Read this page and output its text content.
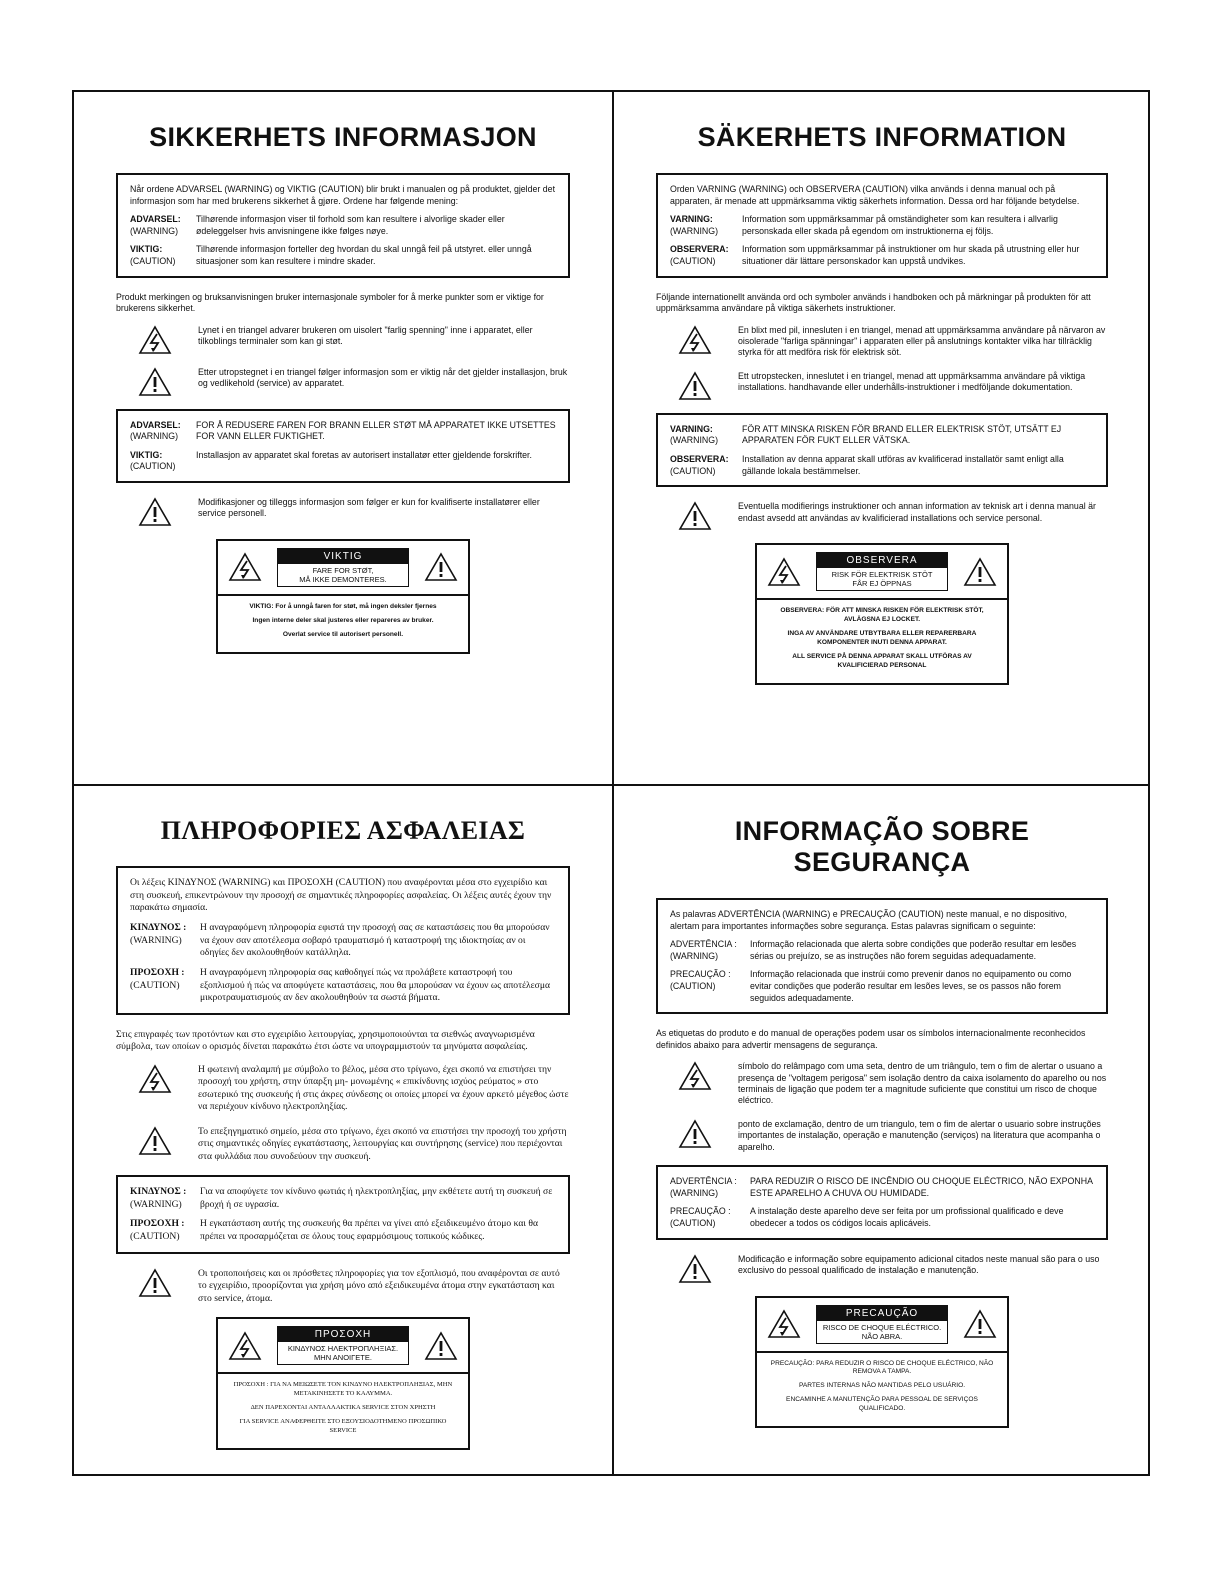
SIKKERHETS INFORMASJON

Når ordene ADVARSEL (WARNING) og VIKTIG (CAUTION) blir brukt i manualen og på produktet, gjelder det informasjon som har med brukerens sikkerhet å gjøre. Ordene har følgende mening:

ADVARSEL:
(WARNING)
Tilhørende informasjon viser til forhold som kan resultere i alvorlige skader eller ødeleggelser hvis anvisningene ikke følges nøye.
VIKTIG:
(CAUTION)
Tilhørende informasjon forteller deg hvordan du skal unngå feil på utstyret. eller unngå situasjoner som kan resultere i mindre skader.
Produkt merkingen og bruksanvisningen bruker internasjonale symboler for å merke punkter som er viktige for brukerens sikkerhet.
Lynet i en triangel advarer brukeren om uisolert "farlig spenning" inne i apparatet, eller tilkoblings terminaler som kan gi støt.
Etter utropstegnet i en triangel følger informasjon som er viktig når det gjelder installasjon, bruk og vedlikehold (service) av apparatet.
ADVARSEL:
(WARNING)
FOR Å REDUSERE FAREN FOR BRANN ELLER STØT MÅ APPARATET IKKE UTSETTES FOR VANN ELLER FUKTIGHET.
VIKTIG:
(CAUTION)
Installasjon av apparatet skal foretas av autorisert installatør etter gjeldende forskrifter.
Modifikasjoner og tilleggs informasjon som følger er kun for kvalifiserte installatører eller service personell.
VIKTIG
FARE FOR STØT,
MÅ IKKE DEMONTERES.

VIKTIG: For å unngå faren for støt, må ingen deksler fjernes

Ingen interne deler skal justeres eller repareres av bruker.

Overlat service til autorisert personell.

SÄKERHETS INFORMATION

Orden VARNING (WARNING) och OBSERVERA (CAUTION) vilka används i denna manual och på apparaten, är menade att uppmärksamma viktig säkerhets information. Dessa ord har följande betydelse.

VARNING:
(WARNING)
Information som uppmärksammar på omständigheter som kan resultera i allvarlig personskada eller skada på egendom om instruktionerna ej följs.
OBSERVERA:
(CAUTION)
Information som uppmärksammar på instruktioner om hur skada på utrustning eller hur situationer där lättare personskador kan uppstå undvikes.
Följande internationellt använda ord och symboler används i handboken och på märkningar på produkten för att uppmärksamma användare på viktiga säkerhets instruktioner.
En blixt med pil, innesluten i en triangel, menad att uppmärksamma användare på närvaron av oisolerade "farliga spänningar" i apparaten eller på anslutnings kontakter vilka har tillräcklig styrka för att medföra risk för elektrisk söt.
Ett utropstecken, inneslutet i en triangel, menad att uppmärksamma användare på viktiga installations. handhavande eller underhålls-instruktioner i medföljande dokumentation.
VARNING:
(WARNING)
FÖR ATT MINSKA RISKEN FÖR BRAND ELLER ELEKTRISK STÖT, UTSÄTT EJ APPARATEN FÖR FUKT ELLER VÄTSKA.
OBSERVERA:
(CAUTION)
Installation av denna apparat skall utföras av kvalificerad installatör samt enligt alla gällande lokala bestämmelser.
Eventuella modifierings instruktioner och annan information av teknisk art i denna manual är endast avsedd att användas av kvalificierad installations och service personal.
OBSERVERA
RISK FÖR ELEKTRISK STÖT
FÅR EJ ÖPPNAS

OBSERVERA: FÖR ATT MINSKA RISKEN FÖR ELEKTRISK STÖT, AVLÄGSNA EJ LOCKET.

INGA AV ANVÄNDARE UTBYTBARA ELLER REPARERBARA KOMPONENTER INUTI DENNA APPARAT.

ALL SERVICE PÅ DENNA APPARAT SKALL UTFÖRAS AV KVALIFICIERAD PERSONAL

ΠΛΗΡΟΦΟΡΙΕΣ ΑΣΦΑΛΕΙΑΣ

Οι λέξεις ΚΙΝΔΥΝΟΣ (WARNING) και ΠΡΟΣΟΧΗ (CAUTION) που αναφέρονται μέσα στο εγχειρίδιο και στη συσκευή, επικεντρώνουν την προσοχή σε σημαντικές πληροφορίες ασφαλείας. Οι λέξεις αυτές έχουν την παρακάτω σημασία.

ΚΙΝΔΥΝΟΣ :
(WARNING)
Η αναγραφόμενη πληροφορία εφιστά την προσοχή σας σε καταστάσεις που θα μπορούσαν να έχουν σαν αποτέλεσμα σοβαρό τραυματισμό ή καταστροφή της ιδιοκτησίας αν οι οδηγίες δεν ακολουθηθούν κατάλληλα.
ΠΡΟΣΟΧΗ :
(CAUTION)
Η αναγραφόμενη πληροφορία σας καθοδηγεί πώς να προλάβετε καταστροφή του εξοπλισμού ή πώς να αποφύγετε καταστάσεις, που θα μπορούσαν να έχουν ως αποτέλεσμα μικροτραυματισμούς αν δεν ακολουθηθούν τα σωστά βήματα.
Στις επιγραφές των προτόντων και στο εγχειρίδιο λειτουργίας, χρησιμοποιούνται τα σιεθνώς αναγνωρισμένα σύμβολα, των οποίων ο ορισμός δίνεται παρακάτω έτσι ώστε να υπογραμμιστούν τα μηνύματα ασφαλείας.
Η φωτεινή αναλαμπή με σύμβολο το βέλος, μέσα στο τρίγωνο, έχει σκοπό να επιστήσει την προσοχή του χρήστη, στην ύπαρξη μη- μονωμένης « επικίνδυνης ισχύος ρεύματος » στο εσωτερικό της συσκευής ή στις άκρες σύνδεσης οι οποίες μπορεί να έχουν αρκετό μέγεθος ώστε να περιέχουν κίνδυνο ηλεκτροπληξίας.
Το επεξηγηματικό σημείο, μέσα στο τρίγωνο, έχει σκοπό να επιστήσει την προσοχή του χρήστη στις σημαντικές οδηγίες εγκατάστασης, λειτουργίας και συντήρησης (service) που περιέχονται στα φυλλάδια που συνοδεύουν την συσκευή.
ΚΙΝΔΥΝΟΣ :
(WARNING)
Για να αποφύγετε τον κίνδυνο φωτιάς ή ηλεκτροπληξίας, μην εκθέτετε αυτή τη συσκευή σε βροχή ή σε υγρασία.
ΠΡΟΣΟΧΗ :
(CAUTION)
Η εγκατάσταση αυτής της συσκευής θα πρέπει να γίνει από εξειδικευμένο άτομο και θα πρέπει να προσαρμόζεται σε όλους τους εφαρμόσιμους τοπικούς κώδικες.
Οι τροποποιήσεις και οι πρόσθετες πληροφορίες για τον εξοπλισμό, που αναφέρονται σε αυτό το εγχειρίδιο, προορίζονται για χρήση μόνο από εξειδικευμένα άτομα στην εγκατάσταση και στο service, άτομα.
ΠΡΟΣΟΧΗ
ΚΙΝΔΥΝΟΣ ΗΛΕΚΤΡΟΠΛΗΞΙΑΣ.
ΜΗΝ ΑΝΟΙΓΕΤΕ.

ΠΡΟΣΟΧΗ : ΓΙΑ ΝΑ ΜΕΙΩΣΕΤΕ ΤΟΝ ΚΙΝΔΥΝΟ ΗΛΕΚΤΡΟΠΛΗΞΙΑΣ, ΜΗΝ ΜΕΤΑΚΙΝΗΣΕΤΕ ΤΟ ΚΑΛΥΜΜΑ.

ΔΕΝ ΠΑΡΕΧΟΝΤΑΙ ΑΝΤΑΛΛΑΚΤΙΚΑ SERVICE ΣΤΟΝ ΧΡΗΣΤΗ

ΓΙΑ SERVICE ΑΝΑΦΕΡΘΕΙΤΕ ΣΤΟ ΕΞΟΥΣΙΟΔΟΤΗΜΕΝΟ ΠΡΟΣΩΠΙΚΟ SERVICE

INFORMAÇÃO SOBRE SEGURANÇA

As palavras ADVERTÊNCIA (WARNING) e PRECAUÇÃO (CAUTION) neste manual, e no dispositivo, alertam para importantes informações sobre segurança. Estas palavras significam o seguinte:

ADVERTÊNCIA :
(WARNING)
Informação relacionada que alerta sobre condições que poderão resultar em lesões sérias ou prejuízo, se as instruções não forem seguidas adequadamente.
PRECAUÇÃO :
(CAUTION)
Informação relacionada que instrúi como prevenir danos no equipamento ou como evitar condições que poderão resultar em lesões leves, se os passos não forem seguidos adequadamente.
As etiquetas do produto e do manual de operações podem usar os símbolos internacionalmente reconhecidos definidos abaixo para advertir mensagens de segurança.
símbolo do relâmpago com uma seta, dentro de um triângulo, tem o fim de alertar o usuano a presença de "voltagem perigosa" sem isolação dentro da caixa isolamento do aparelho ou nos terminais de ligação que podem ter a magnitude suficiente que constitui um risco de choque eléctrico.
ponto de exclamação, dentro de um triangulo, tem o fim de alertar o usuario sobre instruções importantes de instalação, operação e manutenção (serviços) na literatura que acompanha o aparelho.
ADVERTÊNCIA :
(WARNING)
PARA REDUZIR O RISCO DE INCÊNDIO OU CHOQUE ELÉCTRICO, NÃO EXPONHA ESTE APARELHO A CHUVA OU HUMIDADE.
PRECAUÇÃO :
(CAUTION)
A instalação deste aparelho deve ser feita por um profissional qualificado e deve obedecer a todos os códigos locais aplicáveis.
Modificação e informação sobre equipamento adicional citados neste manual são para o uso exclusivo do pessoal qualificado de instalação e manutenção.
PRECAUÇÃO
RISCO DE CHOQUE ELÉCTRICO.
NÃO ABRA.

PRECAUÇÃO: PARA REDUZIR O RISCO DE CHOQUE ELÉCTRICO, NÃO REMOVA A TAMPA.

PARTES INTERNAS NÃO MANTIDAS PELO USUÁRIO.

ENCAMINHE A MANUTENÇÃO PARA PESSOAL DE SERVIÇOS QUALIFICADO.
